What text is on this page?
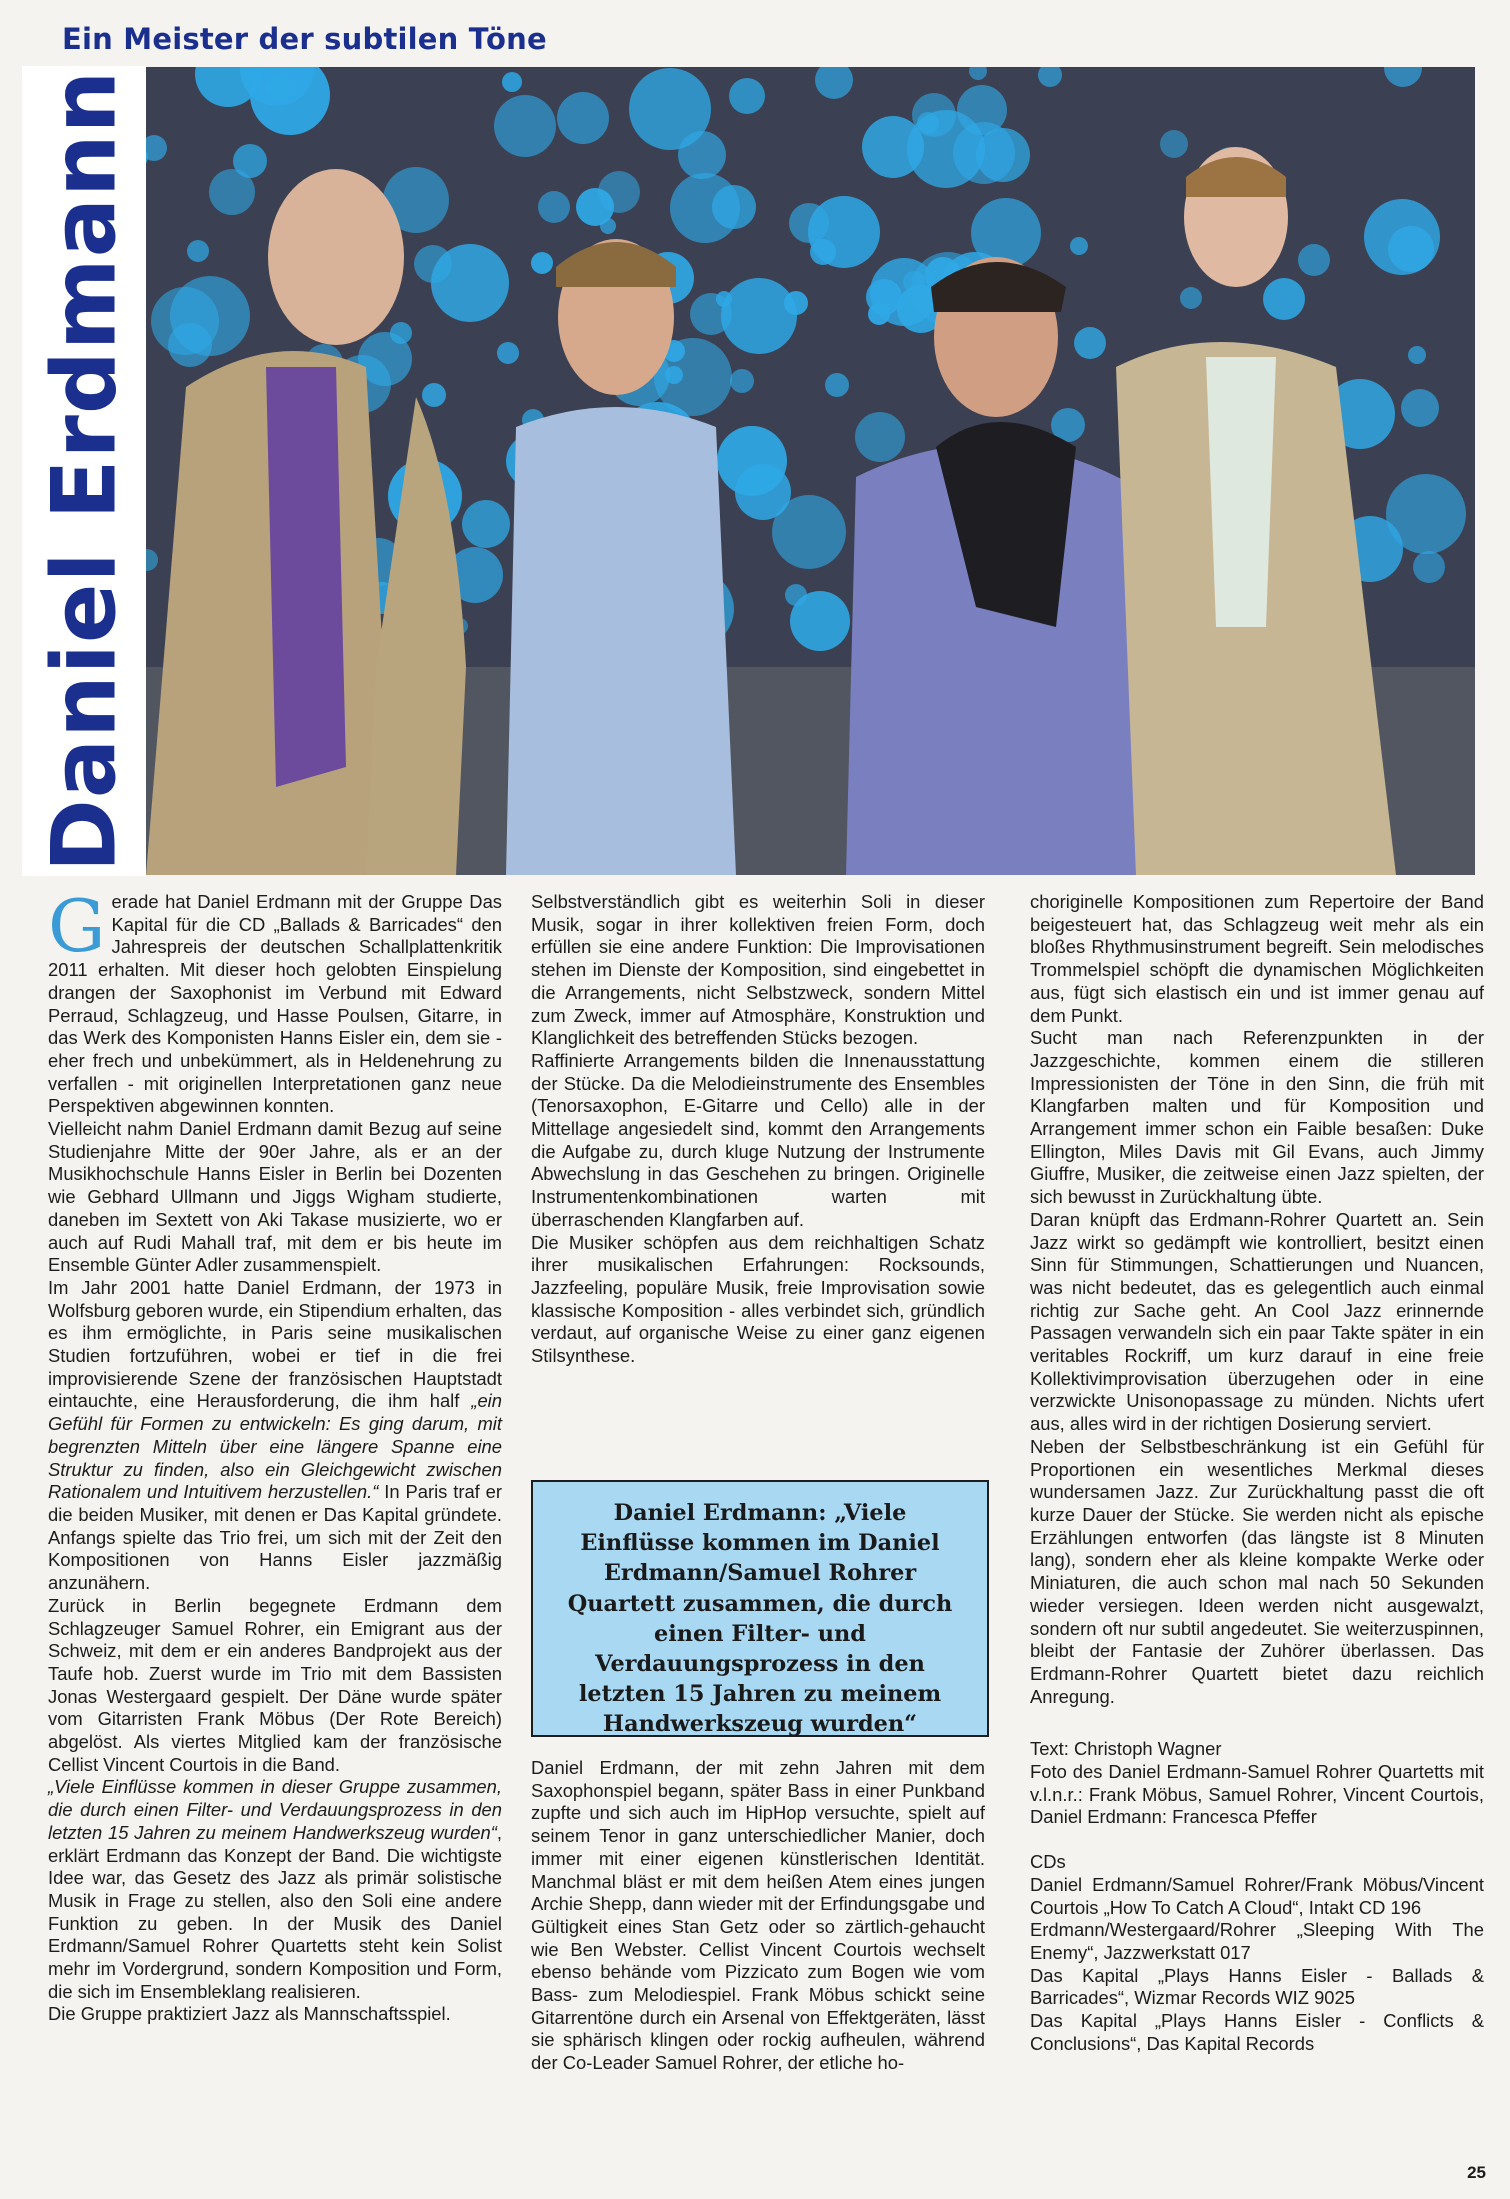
Ein Meister der subtilen Töne
Daniel Erdmann

Gerade hat Daniel Erdmann mit der Gruppe Das Kapital für die CD „Ballads & Barricades“ den Jahrespreis der deutschen Schallplattenkritik 2011 erhalten. Mit dieser hoch gelobten Einspielung drangen der Saxophonist im Verbund mit Edward Perraud, Schlagzeug, und Hasse Poulsen, Gitarre, in das Werk des Komponisten Hanns Eisler ein, dem sie - eher frech und unbekümmert, als in Heldenehrung zu verfallen - mit originellen Interpretationen ganz neue Perspektiven abgewinnen konnten.

Vielleicht nahm Daniel Erdmann damit Bezug auf seine Studienjahre Mitte der 90er Jahre, als er an der Musikhochschule Hanns Eisler in Berlin bei Dozenten wie Gebhard Ullmann und Jiggs Wigham studierte, daneben im Sextett von Aki Takase musizierte, wo er auch auf Rudi Mahall traf, mit dem er bis heute im Ensemble Günter Adler zusammenspielt.

Im Jahr 2001 hatte Daniel Erdmann, der 1973 in Wolfsburg geboren wurde, ein Stipendium erhalten, das es ihm ermöglichte, in Paris seine musikalischen Studien fortzuführen, wobei er tief in die frei improvisierende Szene der französischen Hauptstadt eintauchte, eine Herausforderung, die ihm half „ein Gefühl für Formen zu entwickeln: Es ging darum, mit begrenzten Mitteln über eine längere Spanne eine Struktur zu finden, also ein Gleichgewicht zwischen Rationalem und Intuitivem herzustellen.“ In Paris traf er die beiden Musiker, mit denen er Das Kapital gründete. Anfangs spielte das Trio frei, um sich mit der Zeit den Kompositionen von Hanns Eisler jazzmäßig anzunähern.

Zurück in Berlin begegnete Erdmann dem Schlagzeuger Samuel Rohrer, ein Emigrant aus der Schweiz, mit dem er ein anderes Bandprojekt aus der Taufe hob. Zuerst wurde im Trio mit dem Bassisten Jonas Westergaard gespielt. Der Däne wurde später vom Gitarristen Frank Möbus (Der Rote Bereich) abgelöst. Als viertes Mitglied kam der französische Cellist Vincent Courtois in die Band.

„Viele Einflüsse kommen in dieser Gruppe zusammen, die durch einen Filter- und Verdauungsprozess in den letzten 15 Jahren zu meinem Handwerkszeug wurden“, erklärt Erdmann das Konzept der Band. Die wichtigste Idee war, das Gesetz des Jazz als primär solistische Musik in Frage zu stellen, also den Soli eine andere Funktion zu geben. In der Musik des Daniel Erdmann/Samuel Rohrer Quartetts steht kein Solist mehr im Vordergrund, sondern Komposition und Form, die sich im Ensembleklang realisieren.

Die Gruppe praktiziert Jazz als Mannschaftsspiel.

Selbstverständlich gibt es weiterhin Soli in dieser Musik, sogar in ihrer kollektiven freien Form, doch erfüllen sie eine andere Funktion: Die Improvisationen stehen im Dienste der Komposition, sind eingebettet in die Arrangements, nicht Selbstzweck, sondern Mittel zum Zweck, immer auf Atmosphäre, Konstruktion und Klanglichkeit des betreffenden Stücks bezogen.

Raffinierte Arrangements bilden die Innenausstattung der Stücke. Da die Melodieinstrumente des Ensembles (Tenorsaxophon, E-Gitarre und Cello) alle in der Mittellage angesiedelt sind, kommt den Arrangements die Aufgabe zu, durch kluge Nutzung der Instrumente Abwechslung in das Geschehen zu bringen. Originelle Instrumentenkombinationen warten mit überraschenden Klangfarben auf.

Die Musiker schöpfen aus dem reichhaltigen Schatz ihrer musikalischen Erfahrungen: Rocksounds, Jazzfeeling, populäre Musik, freie Improvisation sowie klassische Komposition - alles verbindet sich, gründlich verdaut, auf organische Weise zu einer ganz eigenen Stilsynthese.

Daniel Erdmann: „Viele Einflüsse kommen im Daniel Erdmann/Samuel Rohrer Quartett zusammen, die durch einen Filter- und Verdauungsprozess in den letzten 15 Jahren zu meinem Handwerkszeug wurden“

Daniel Erdmann, der mit zehn Jahren mit dem Saxophonspiel begann, später Bass in einer Punkband zupfte und sich auch im HipHop versuchte, spielt auf seinem Tenor in ganz unterschiedlicher Manier, doch immer mit einer eigenen künstlerischen Identität. Manchmal bläst er mit dem heißen Atem eines jungen Archie Shepp, dann wieder mit der Erfindungsgabe und Gültigkeit eines Stan Getz oder so zärtlich-gehaucht wie Ben Webster. Cellist Vincent Courtois wechselt ebenso behände vom Pizzicato zum Bogen wie vom Bass- zum Melodiespiel. Frank Möbus schickt seine Gitarrentöne durch ein Arsenal von Effektgeräten, lässt sie sphärisch klingen oder rockig aufheulen, während der Co-Leader Samuel Rohrer, der etliche ho-

choriginelle Kompositionen zum Repertoire der Band beigesteuert hat, das Schlagzeug weit mehr als ein bloßes Rhythmusinstrument begreift. Sein melodisches Trommelspiel schöpft die dynamischen Möglichkeiten aus, fügt sich elastisch ein und ist immer genau auf dem Punkt.

Sucht man nach Referenzpunkten in der Jazzgeschichte, kommen einem die stilleren Impressionisten der Töne in den Sinn, die früh mit Klangfarben malten und für Komposition und Arrangement immer schon ein Faible besaßen: Duke Ellington, Miles Davis mit Gil Evans, auch Jimmy Giuffre, Musiker, die zeitweise einen Jazz spielten, der sich bewusst in Zurückhaltung übte.

Daran knüpft das Erdmann-Rohrer Quartett an. Sein Jazz wirkt so gedämpft wie kontrolliert, besitzt einen Sinn für Stimmungen, Schattierungen und Nuancen, was nicht bedeutet, das es gelegentlich auch einmal richtig zur Sache geht. An Cool Jazz erinnernde Passagen verwandeln sich ein paar Takte später in ein veritables Rockriff, um kurz darauf in eine freie Kollektivimprovisation überzugehen oder in eine verzwickte Unisonopassage zu münden. Nichts ufert aus, alles wird in der richtigen Dosierung serviert.

Neben der Selbstbeschränkung ist ein Gefühl für Proportionen ein wesentliches Merkmal dieses wundersamen Jazz. Zur Zurückhaltung passt die oft kurze Dauer der Stücke. Sie werden nicht als epische Erzählungen entworfen (das längste ist 8 Minuten lang), sondern eher als kleine kompakte Werke oder Miniaturen, die auch schon mal nach 50 Sekunden wieder versiegen. Ideen werden nicht ausgewalzt, sondern oft nur subtil angedeutet. Sie weiterzuspinnen, bleibt der Fantasie der Zuhörer überlassen. Das Erdmann-Rohrer Quartett bietet dazu reichlich Anregung.

Text: Christoph Wagner

Foto des Daniel Erdmann-Samuel Rohrer Quartetts mit v.l.n.r.: Frank Möbus, Samuel Rohrer, Vincent Courtois, Daniel Erdmann: Francesca Pfeffer

CDs

Daniel Erdmann/Samuel Rohrer/Frank Möbus/Vincent Courtois „How To Catch A Cloud“, Intakt CD 196

Erdmann/Westergaard/Rohrer „Sleeping With The Enemy“, Jazzwerkstatt 017

Das Kapital „Plays Hanns Eisler - Ballads & Barricades“, Wizmar Records WIZ 9025

Das Kapital „Plays Hanns Eisler - Conflicts & Conclusions“, Das Kapital Records

25
